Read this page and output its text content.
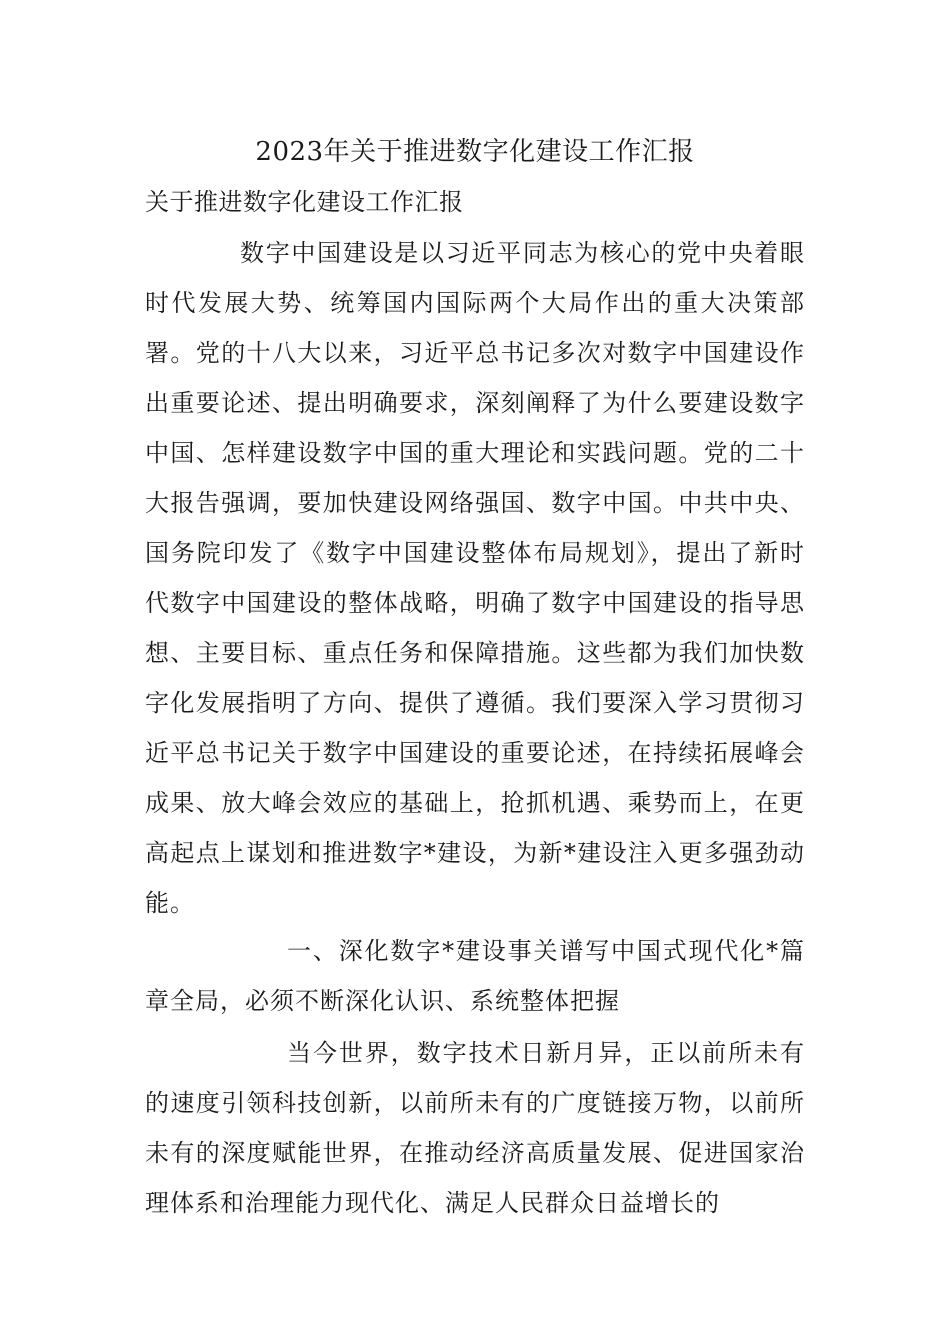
2023年关于推进数字化建设工作汇报
关于推进数字化建设工作汇报

数字中国建设是以习近平同志为核心的党中央着眼时代发展大势、统筹国内国际两个大局作出的重大决策部署。党的十八大以来，习近平总书记多次对数字中国建设作出重要论述、提出明确要求，深刻阐释了为什么要建设数字中国、怎样建设数字中国的重大理论和实践问题。党的二十大报告强调，要加快建设网络强国、数字中国。中共中央、国务院印发了《数字中国建设整体布局规划》，提出了新时代数字中国建设的整体战略，明确了数字中国建设的指导思想、主要目标、重点任务和保障措施。这些都为我们加快数字化发展指明了方向、提供了遵循。我们要深入学习贯彻习近平总书记关于数字中国建设的重要论述，在持续拓展峰会成果、放大峰会效应的基础上，抢抓机遇、乘势而上，在更高起点上谋划和推进数字*建设，为新*建设注入更多强劲动能。

一、深化数字*建设事关谱写中国式现代化*篇章全局，必须不断深化认识、系统整体把握

当今世界，数字技术日新月异，正以前所未有的速度引领科技创新，以前所未有的广度链接万物，以前所未有的深度赋能世界，在推动经济高质量发展、促进国家治理体系和治理能力现代化、满足人民群众日益增长的
